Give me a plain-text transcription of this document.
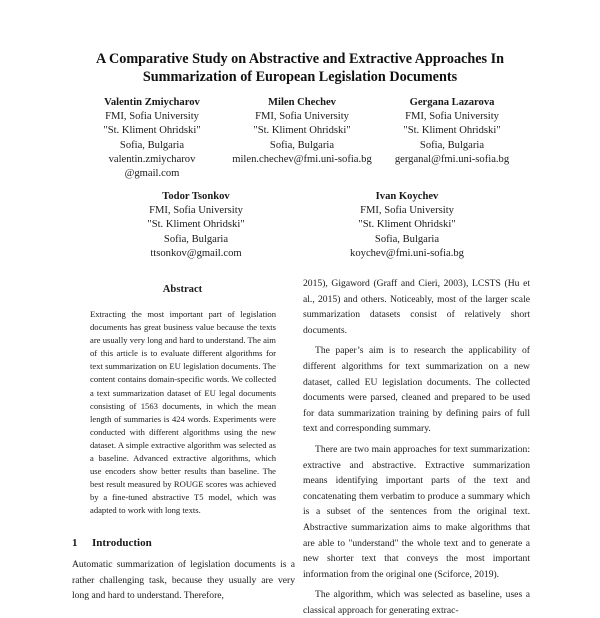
A Comparative Study on Abstractive and Extractive Approaches In
Summarization of European Legislation Documents
Valentin Zmiycharov
FMI, Sofia University
"St. Kliment Ohridski"
Sofia, Bulgaria
valentin.zmiycharov
@gmail.com
Milen Chechev
FMI, Sofia University
"St. Kliment Ohridski"
Sofia, Bulgaria
milen.chechev@fmi.uni-sofia.bg
Gergana Lazarova
FMI, Sofia University
"St. Kliment Ohridski"
Sofia, Bulgaria
gerganal@fmi.uni-sofia.bg
Todor Tsonkov
FMI, Sofia University
"St. Kliment Ohridski"
Sofia, Bulgaria
ttsonkov@gmail.com
Ivan Koychev
FMI, Sofia University
"St. Kliment Ohridski"
Sofia, Bulgaria
koychev@fmi.uni-sofia.bg
Abstract

Extracting the most important part of legislation documents has great business value because the texts are usually very long and hard to understand. The aim of this article is to evaluate different algorithms for text summarization on EU legislation documents. The content contains domain-specific words. We collected a text summarization dataset of EU legal documents consisting of 1563 documents, in which the mean length of summaries is 424 words. Experiments were conducted with different algorithms using the new dataset. A simple extractive algorithm was selected as a baseline. Advanced extractive algorithms, which use encoders show better results than baseline. The best result measured by ROUGE scores was achieved by a fine-tuned abstractive T5 model, which was adapted to work with long texts.

1 Introduction

Automatic summarization of legislation documents is a rather challenging task, because they usually are very long and hard to understand. Therefore,

2015), Gigaword (Graff and Cieri, 2003), LCSTS (Hu et al., 2015) and others. Noticeably, most of the larger scale summarization datasets consist of relatively short documents.

The paper’s aim is to research the applicability of different algorithms for text summarization on a new dataset, called EU legislation documents. The collected documents were parsed, cleaned and prepared to be used for data summarization training by defining pairs of full text and corresponding summary.

There are two main approaches for text summarization: extractive and abstractive. Extractive summarization means identifying important parts of the text and concatenating them verbatim to produce a summary which is a subset of the sentences from the original text. Abstractive summarization aims to make algorithms that are able to "understand" the whole text and to generate a new shorter text that conveys the most important information from the original one (Sciforce, 2019).

The algorithm, which was selected as baseline, uses a classical approach for generating extrac-
